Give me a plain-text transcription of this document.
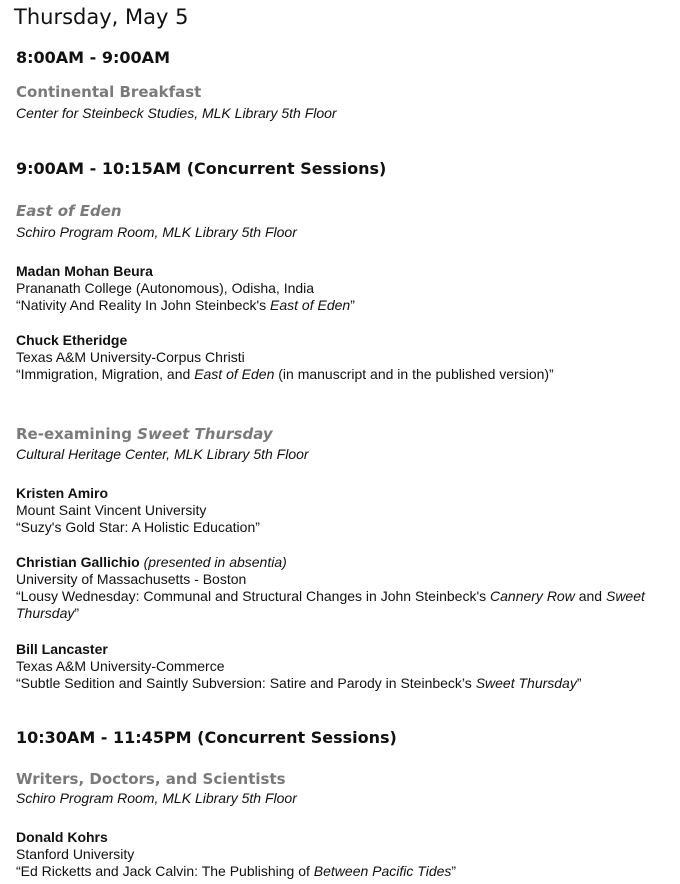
Thursday, May 5
8:00AM - 9:00AM
Continental Breakfast
Center for Steinbeck Studies, MLK Library 5th Floor
9:00AM - 10:15AM (Concurrent Sessions)
East of Eden
Schiro Program Room, MLK Library 5th Floor
Madan Mohan Beura
Prananath College (Autonomous), Odisha, India
“Nativity And Reality In John Steinbeck's East of Eden”
Chuck Etheridge
Texas A&M University-Corpus Christi
“Immigration, Migration, and East of Eden (in manuscript and in the published version)”
Re-examining Sweet Thursday
Cultural Heritage Center, MLK Library 5th Floor
Kristen Amiro
Mount Saint Vincent University
“Suzy's Gold Star: A Holistic Education”
Christian Gallichio (presented in absentia)
University of Massachusetts - Boston
“Lousy Wednesday: Communal and Structural Changes in John Steinbeck's Cannery Row and Sweet Thursday”
Bill Lancaster
Texas A&M University-Commerce
“Subtle Sedition and Saintly Subversion: Satire and Parody in Steinbeck’s Sweet Thursday”
10:30AM - 11:45PM (Concurrent Sessions)
Writers, Doctors, and Scientists
Schiro Program Room, MLK Library 5th Floor
Donald Kohrs
Stanford University
“Ed Ricketts and Jack Calvin: The Publishing of Between Pacific Tides”
